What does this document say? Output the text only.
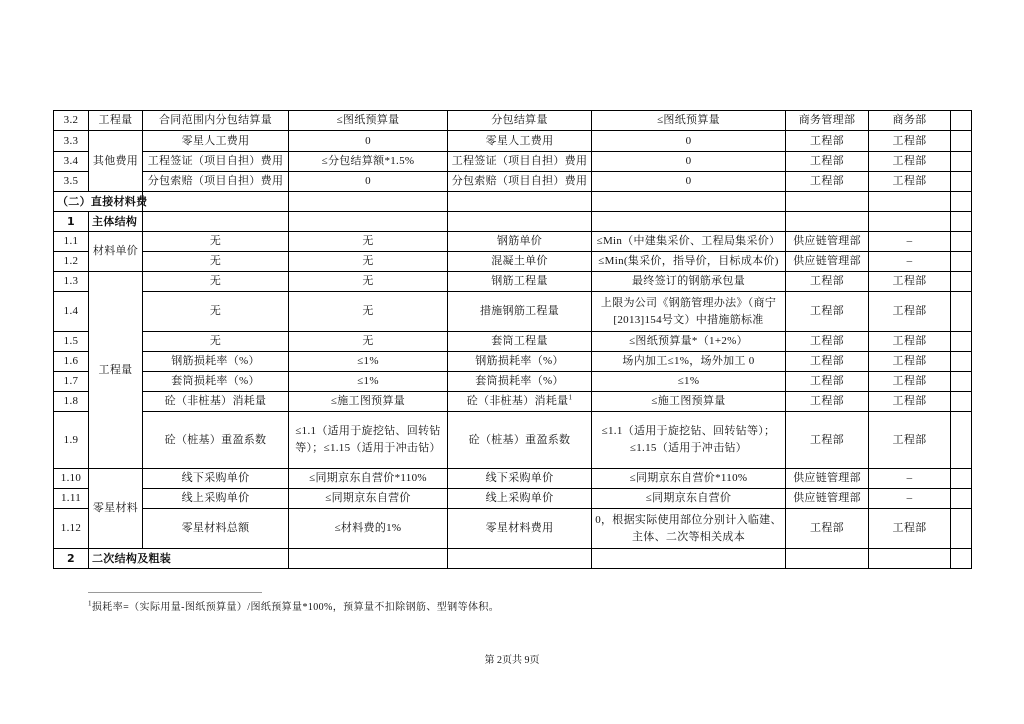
3.2	工程量	合同范围内分包结算量	≤图纸预算量	分包结算量	≤图纸预算量	商务管理部	商务部	
3.3	其他费用	零星人工费用	0	零星人工费用	0	工程部	工程部	
3.4		工程签证（项目自担）费用	≤分包结算额*1.5%	工程签证（项目自担）费用	0	工程部	工程部	
3.5		分包索赔（项目自担）费用	0	分包索赔（项目自担）费用	0	工程部	工程部	
（二）直接材料费								
1	主体结构							
1.1	材料单价	无	无	钢筋单价	≤Min（中建集采价、工程局集采价）	供应链管理部	–	
1.2		无	无	混凝土单价	≤Min(集采价，指导价，目标成本价)	供应链管理部	–	
1.3	工程量	无	无	钢筋工程量	最终签订的钢筋承包量	工程部	工程部	
1.4		无	无	措施钢筋工程量	上限为公司《钢筋管理办法》（商宁[2013]154号文）中措施筋标准	工程部	工程部	
1.5		无	无	套筒工程量	≤图纸预算量*（1+2%）	工程部	工程部	
1.6		钢筋损耗率（%）	≤1%	钢筋损耗率（%）	场内加工≤1%，场外加工 0	工程部	工程部	
1.7		套筒损耗率（%）	≤1%	套筒损耗率（%）	≤1%	工程部	工程部	
1.8		砼（非桩基）消耗量	≤施工图预算量	砼（非桩基）消耗量$^1$	≤施工图预算量	工程部	工程部	
1.9		砼（桩基）重盈系数	≤1.1（适用于旋挖钻、回转钻等）；≤1.15（适用于冲击钻）	砼（桩基）重盈系数	≤1.1（适用于旋挖钻、回转钻等）；≤1.15（适用于冲击钻）	工程部	工程部	
1.10	零星材料	线下采购单价	≤同期京东自营价*110%	线下采购单价	≤同期京东自营价*110%	供应链管理部	–	
1.11		线上采购单价	≤同期京东自营价	线上采购单价	≤同期京东自营价	供应链管理部	–	
1.12		零星材料总额	≤材料费的1%	零星材料费用	0，根据实际使用部位分别计入临建、主体、二次等相关成本	工程部	工程部	
2	二次结构及粗装							
$^1$损耗率=（实际用量-图纸预算量）/图纸预算量*100%，预算量不扣除钢筋、型钢等体积。
第 2页共 9页
